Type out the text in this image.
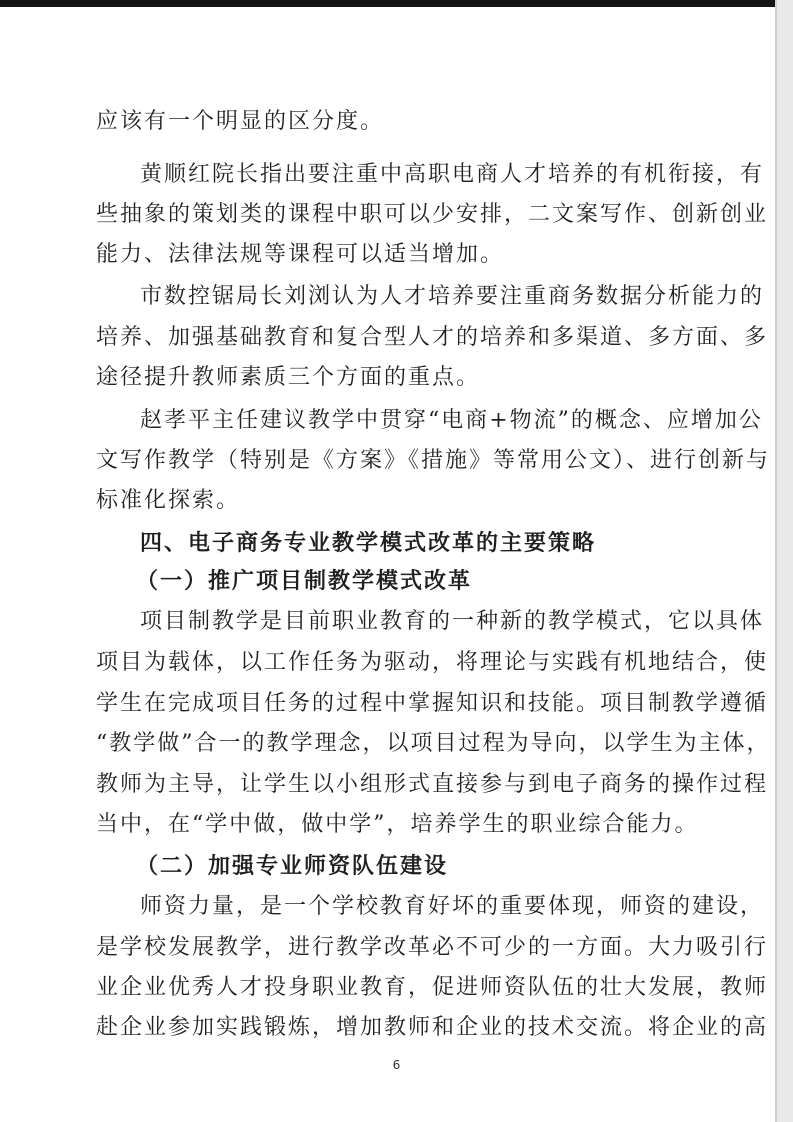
应该有一个明显的区分度。
黄顺红院长指出要注重中高职电商人才培养的有机衔接，有
些抽象的策划类的课程中职可以少安排，二文案写作、创新创业
能力、法律法规等课程可以适当增加。
市数控锯局长刘浏认为人才培养要注重商务数据分析能力的
培养、加强基础教育和复合型人才的培养和多渠道、多方面、多
途径提升教师素质三个方面的重点。
赵孝平主任建议教学中贯穿“电商+物流”的概念、应增加公
文写作教学（特别是《方案》《措施》等常用公文）、进行创新与
标准化探索。
四、电子商务专业教学模式改革的主要策略
（一）推广项目制教学模式改革
项目制教学是目前职业教育的一种新的教学模式，它以具体
项目为载体，以工作任务为驱动，将理论与实践有机地结合，使
学生在完成项目任务的过程中掌握知识和技能。项目制教学遵循
“教学做”合一的教学理念，以项目过程为导向，以学生为主体，
教师为主导，让学生以小组形式直接参与到电子商务的操作过程
当中，在“学中做，做中学”，培养学生的职业综合能力。
（二）加强专业师资队伍建设
师资力量，是一个学校教育好坏的重要体现，师资的建设，
是学校发展教学，进行教学改革必不可少的一方面。大力吸引行
业企业优秀人才投身职业教育，促进师资队伍的壮大发展，教师
赴企业参加实践锻炼，增加教师和企业的技术交流。将企业的高
6
